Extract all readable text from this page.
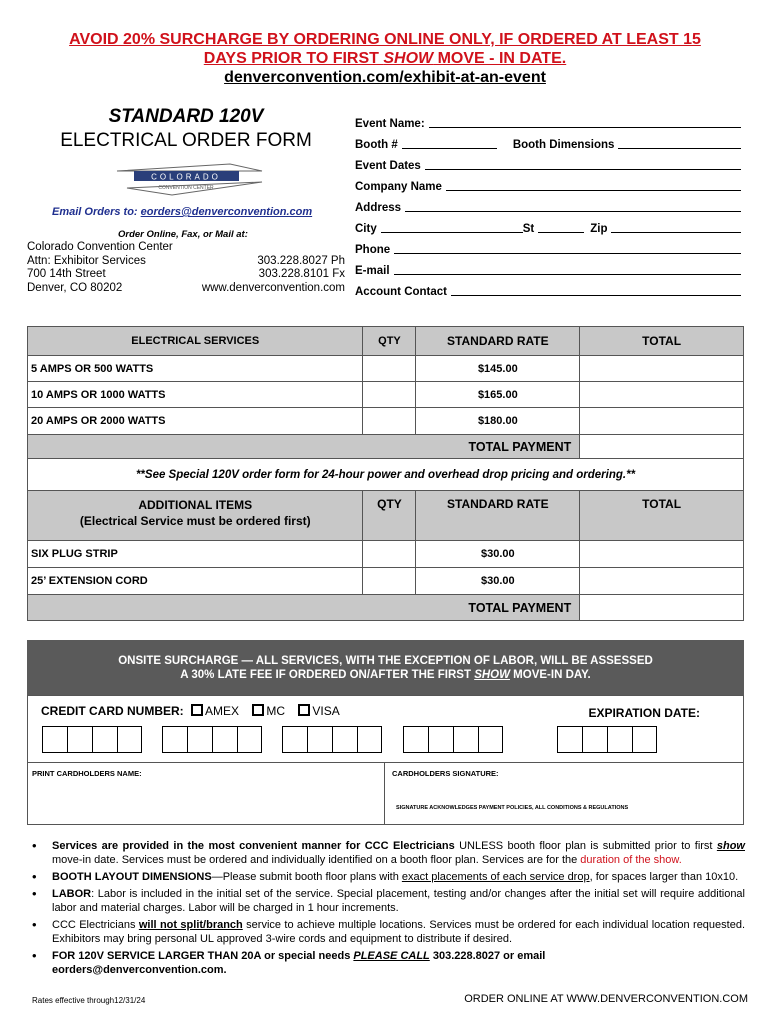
AVOID 20% SURCHARGE BY ORDERING ONLINE ONLY, IF ORDERED AT LEAST 15
DAYS PRIOR TO FIRST SHOW MOVE - IN DATE.
denverconvention.com/exhibit-at-an-event
STANDARD 120V
ELECTRICAL ORDER FORM
COLORADO
CONVENTION CENTER
Email Orders to: eorders@denverconvention.com
Order Online, Fax, or Mail at:
Colorado Convention Center
Attn: Exhibitor Services	303.228.8027 Ph
700 14th Street	303.228.8101 Fx
Denver, CO 80202	www.denverconvention.com
Event Name:
Booth #	Booth Dimensions
Event Dates
Company Name
Address
City	St	Zip
Phone
E-mail
Account Contact
ELECTRICAL SERVICES	QTY	STANDARD RATE	TOTAL
5 AMPS OR 500 WATTS		$145.00	
10 AMPS OR 1000 WATTS		$165.00	
20 AMPS OR 2000 WATTS		$180.00	
TOTAL PAYMENT			
**See Special 120V order form for 24-hour power and overhead drop pricing and ordering.**			
ADDITIONAL ITEMS
(Electrical Service must be ordered first)	QTY	STANDARD RATE	TOTAL
SIX PLUG STRIP		$30.00	
25’ EXTENSION CORD		$30.00	
TOTAL PAYMENT			
ONSITE SURCHARGE — ALL SERVICES, WITH THE EXCEPTION OF LABOR, WILL BE ASSESSED
A 30% LATE FEE IF ORDERED ON/AFTER THE FIRST SHOW MOVE-IN DAY.
CREDIT CARD NUMBER: AMEX MC VISA	EXPIRATION DATE:
PRINT CARDHOLDERS NAME:	CARDHOLDERS SIGNATURE:
SIGNATURE ACKNOWLEDGES PAYMENT POLICIES, ALL CONDITIONS & REGULATIONS
• Services are provided in the most convenient manner for CCC Electricians UNLESS booth floor plan is submitted prior to first show move-in date. Services must be ordered and individually identified on a booth floor plan. Services are for the duration of the show.
• BOOTH LAYOUT DIMENSIONS—Please submit booth floor plans with exact placements of each service drop, for spaces larger than 10x10.
• LABOR: Labor is included in the initial set of the service. Special placement, testing and/or changes after the initial set will require additional labor and material charges. Labor will be charged in 1 hour increments.
• CCC Electricians will not split/branch service to achieve multiple locations. Services must be ordered for each individual location requested. Exhibitors may bring personal UL approved 3-wire cords and equipment to distribute if desired.
• FOR 120V SERVICE LARGER THAN 20A or special needs PLEASE CALL 303.228.8027 or email
eorders@denverconvention.com.
Rates effective through12/31/24	ORDER ONLINE AT WWW.DENVERCONVENTION.COM
